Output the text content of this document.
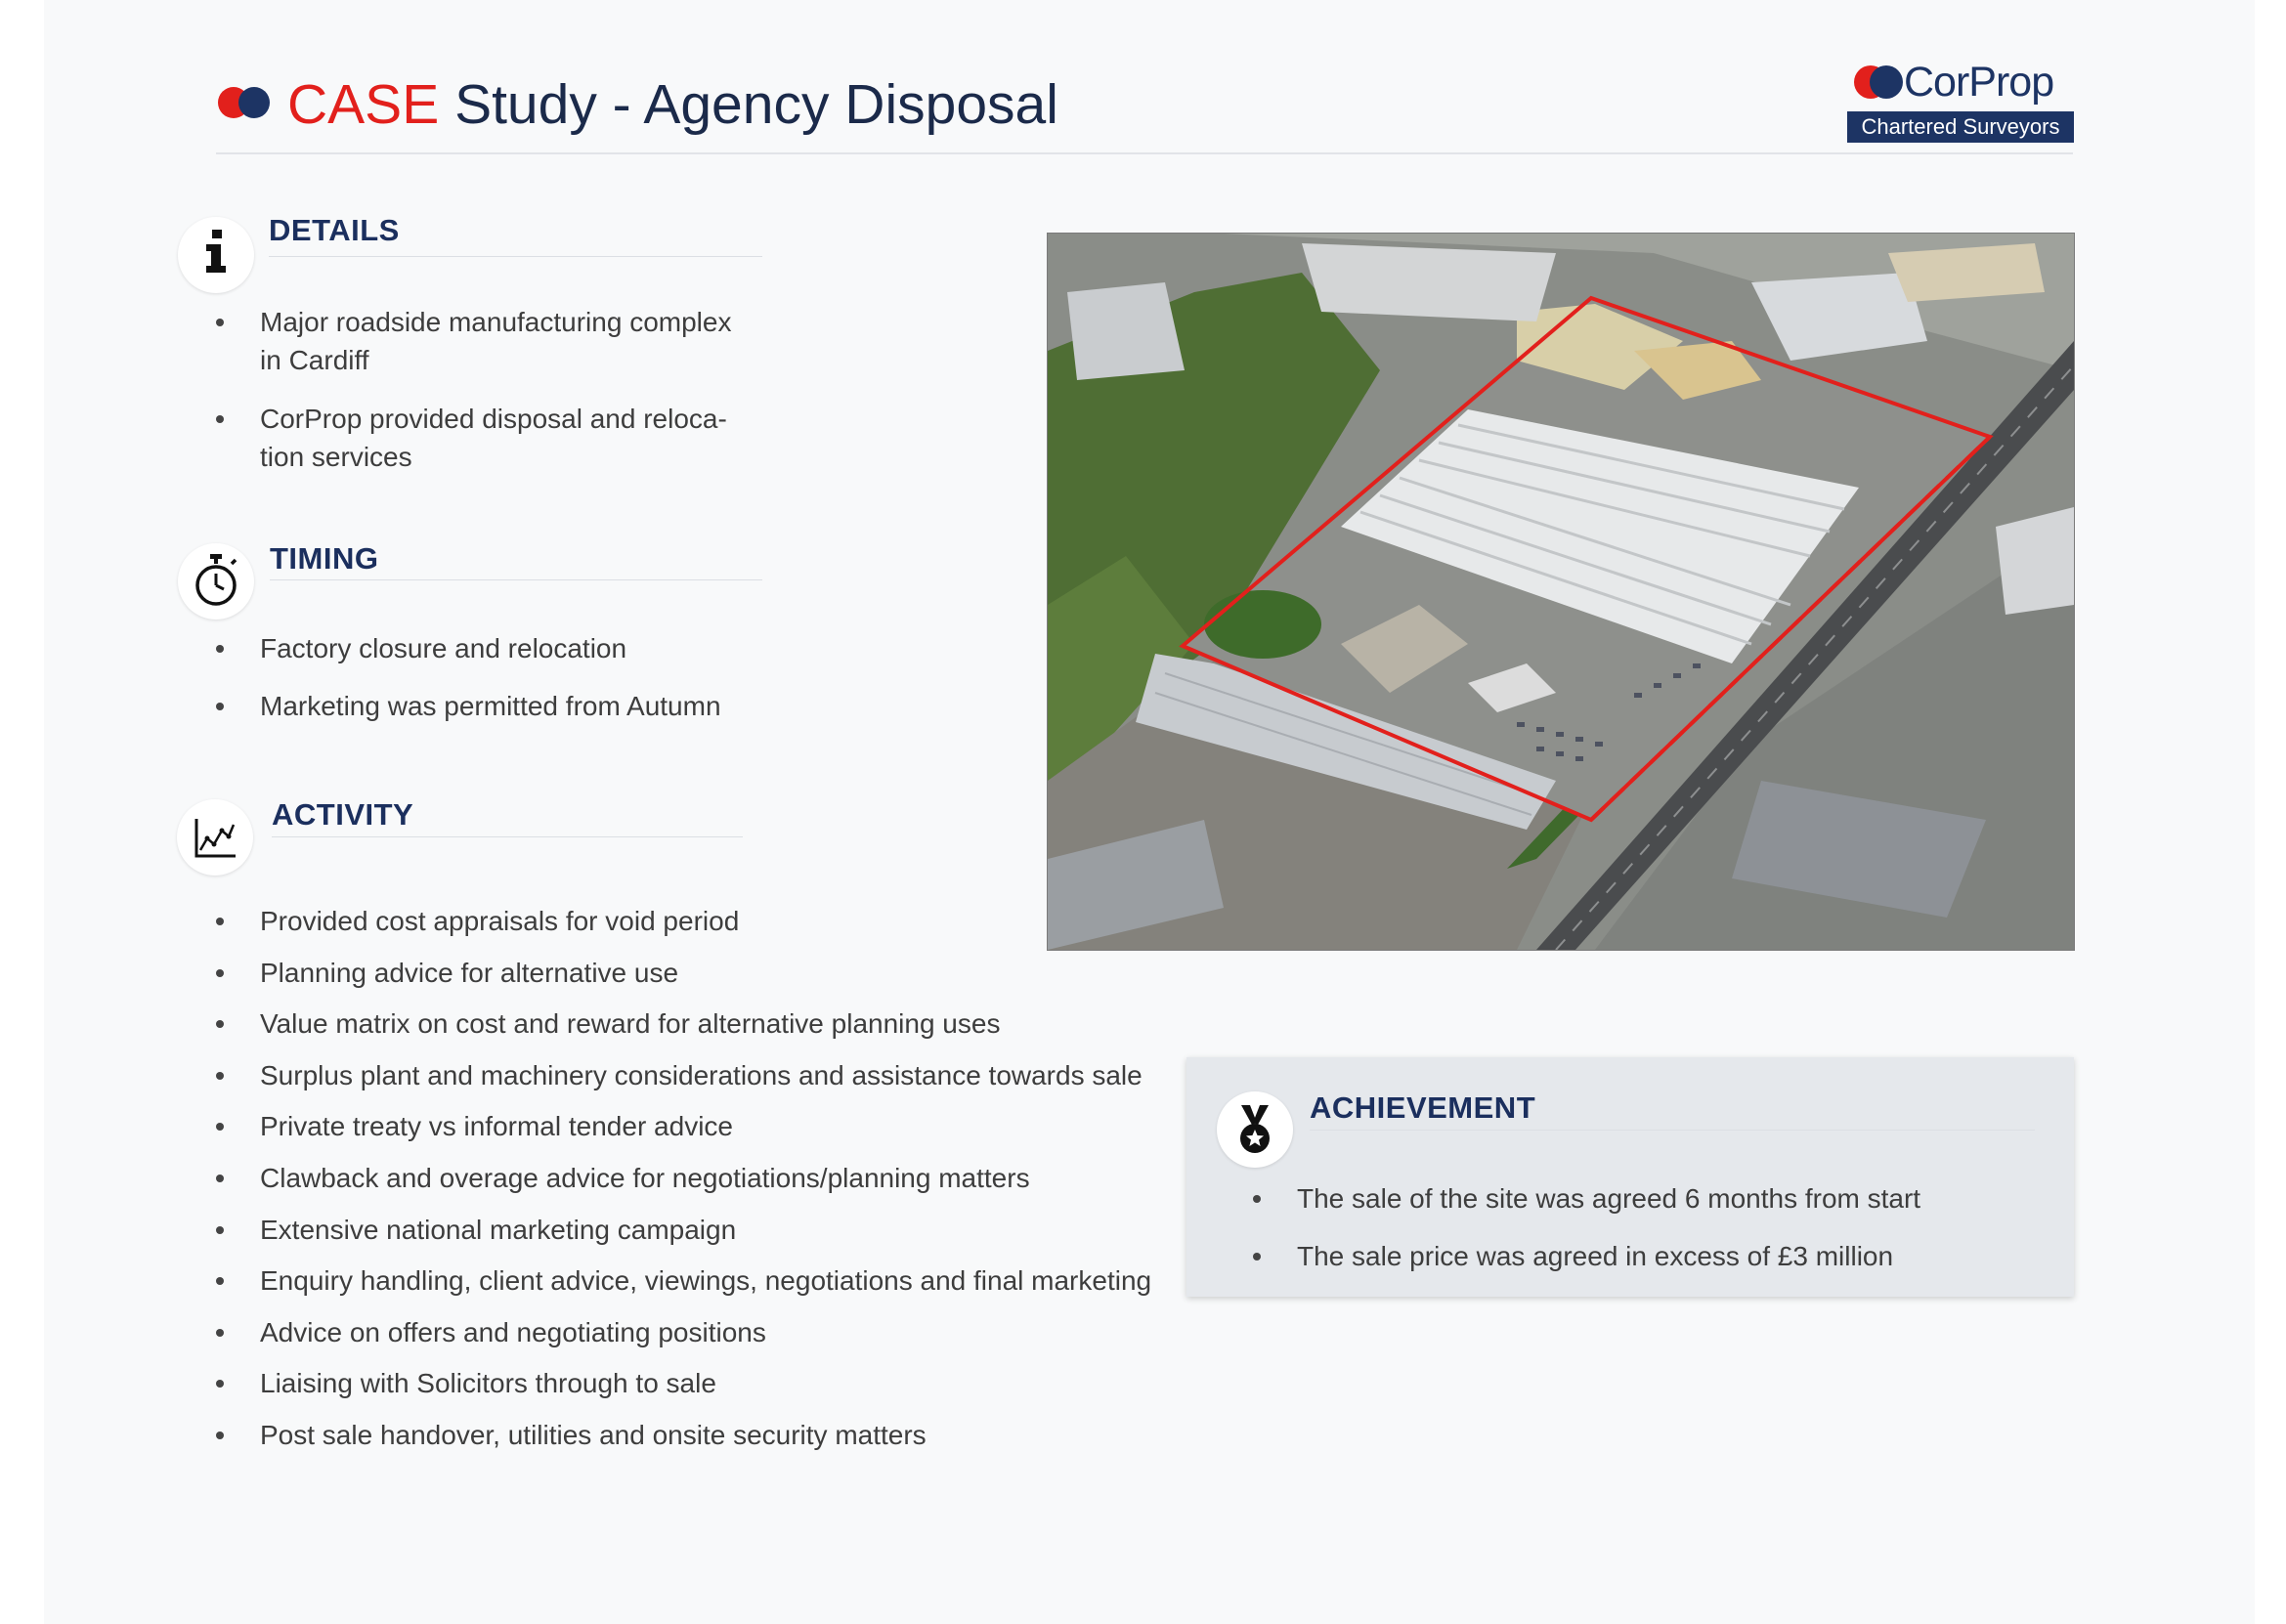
CASE Study - Agency Disposal	CorProp
Chartered Surveyors
DETAILS
Major roadside manufacturing complex in Cardiff
CorProp provided disposal and reloca-tion services
TIMING
Factory closure and relocation
Marketing was permitted from Autumn
ACTIVITY
Provided cost appraisals for void period
Planning advice for alternative use
Value matrix on cost and reward for alternative planning uses
Surplus plant and machinery considerations and assistance towards sale
Private treaty vs informal tender advice
Clawback and overage advice for negotiations/planning matters
Extensive national marketing campaign
Enquiry handling, client advice, viewings, negotiations and final marketing
Advice on offers and negotiating positions
Liaising with Solicitors through to sale
Post sale handover, utilities and onsite security matters
ACHIEVEMENT
The sale of the site was agreed 6 months from start
The sale price was agreed in excess of £3 million
